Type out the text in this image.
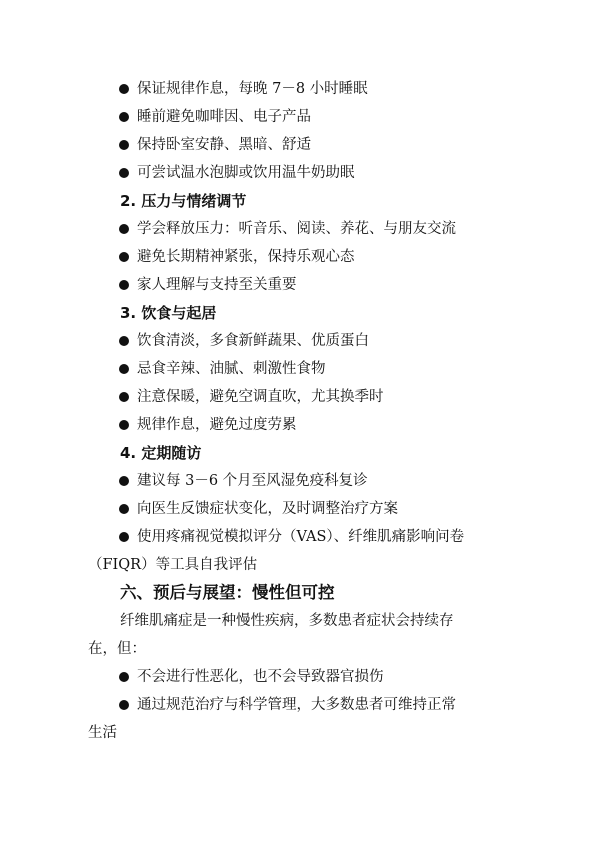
保证规律作息，每晚 7－8 小时睡眠
睡前避免咖啡因、电子产品
保持卧室安静、黑暗、舒适
可尝试温水泡脚或饮用温牛奶助眠
2. 压力与情绪调节
学会释放压力：听音乐、阅读、养花、与朋友交流
避免长期精神紧张，保持乐观心态
家人理解与支持至关重要
3. 饮食与起居
饮食清淡，多食新鲜蔬果、优质蛋白
忌食辛辣、油腻、刺激性食物
注意保暖，避免空调直吹，尤其换季时
规律作息，避免过度劳累
4. 定期随访
建议每 3－6 个月至风湿免疫科复诊
向医生反馈症状变化，及时调整治疗方案
使用疼痛视觉模拟评分（VAS）、纤维肌痛影响问卷
（FIQR）等工具自我评估
六、预后与展望：慢性但可控
纤维肌痛症是一种慢性疾病，多数患者症状会持续存
在，但：
不会进行性恶化，也不会导致器官损伤
通过规范治疗与科学管理，大多数患者可维持正常
生活
